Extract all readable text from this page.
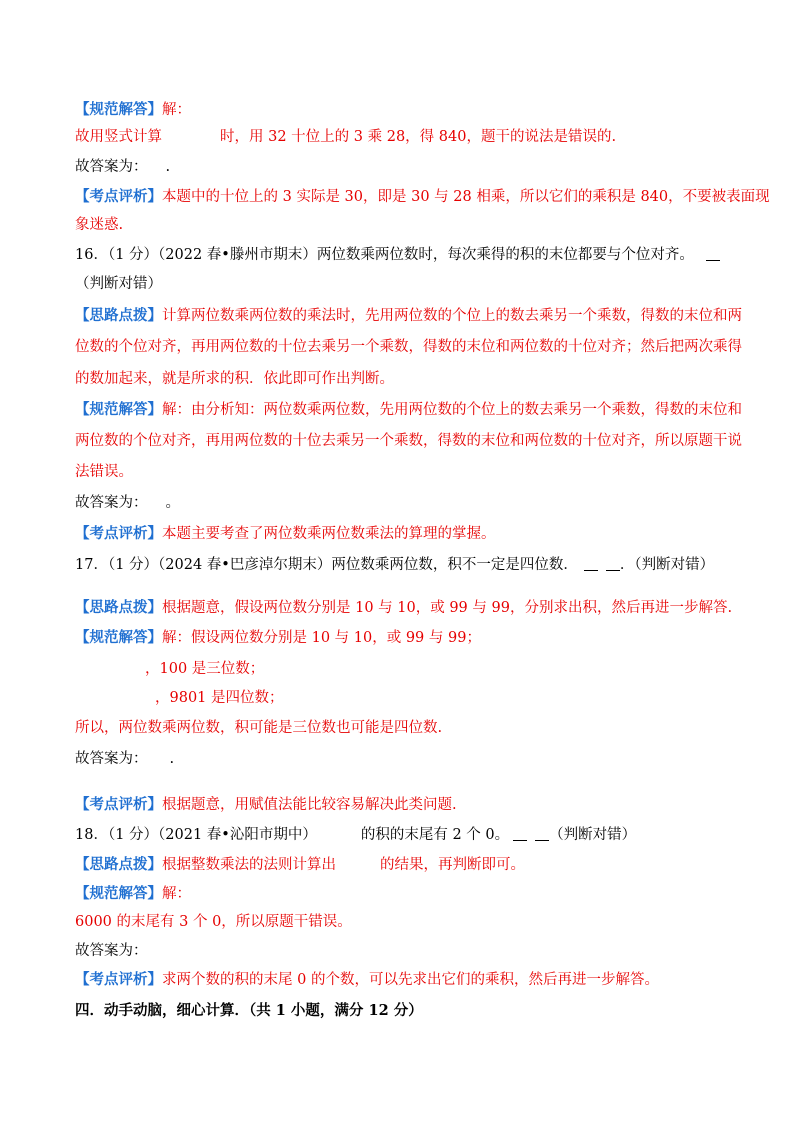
【规范解答】解：
故用竖式计算	时，用 32 十位上的 3 乘 28，得 840，题干的说法是错误的.
故答案为： .
【考点评析】本题中的十位上的 3 实际是 30，即是 30 与 28 相乘，所以它们的乘积是 840，不要被表面现
象迷惑.
16．（1 分）（2022 春•滕州市期末）两位数乘两位数时，每次乘得的积的末位都要与个位对齐。
（判断对错）
【思路点拨】计算两位数乘两位数的乘法时，先用两位数的个位上的数去乘另一个乘数，得数的末位和两
位数的个位对齐，再用两位数的十位去乘另一个乘数，得数的末位和两位数的十位对齐；然后把两次乘得
的数加起来，就是所求的积．依此即可作出判断。
【规范解答】解：由分析知：两位数乘两位数，先用两位数的个位上的数去乘另一个乘数，得数的末位和
两位数的个位对齐，再用两位数的十位去乘另一个乘数，得数的末位和两位数的十位对齐，所以原题干说
法错误。
故答案为： 。
【考点评析】本题主要考查了两位数乘两位数乘法的算理的掌握。
17．（1 分）（2024 春•巴彦淖尔期末）两位数乘两位数，积不一定是四位数．	．（判断对错）
【思路点拨】根据题意，假设两位数分别是 10 与 10，或 99 与 99，分别求出积，然后再进一步解答.
【规范解答】解：假设两位数分别是 10 与 10，或 99 与 99；
，100 是三位数；
，9801 是四位数；
所以，两位数乘两位数，积可能是三位数也可能是四位数.
故答案为： .
【考点评析】根据题意，用赋值法能比较容易解决此类问题.
18．（1 分）（2021 春•沁阳市期中）	的积的末尾有 2 个 0。	（判断对错）
【思路点拨】根据整数乘法的法则计算出	的结果，再判断即可。
【规范解答】解：
6000 的末尾有 3 个 0，所以原题干错误。
故答案为：
【考点评析】求两个数的积的末尾 0 的个数，可以先求出它们的乘积，然后再进一步解答。
四．动手动脑，细心计算．（共 1 小题，满分 12 分）
